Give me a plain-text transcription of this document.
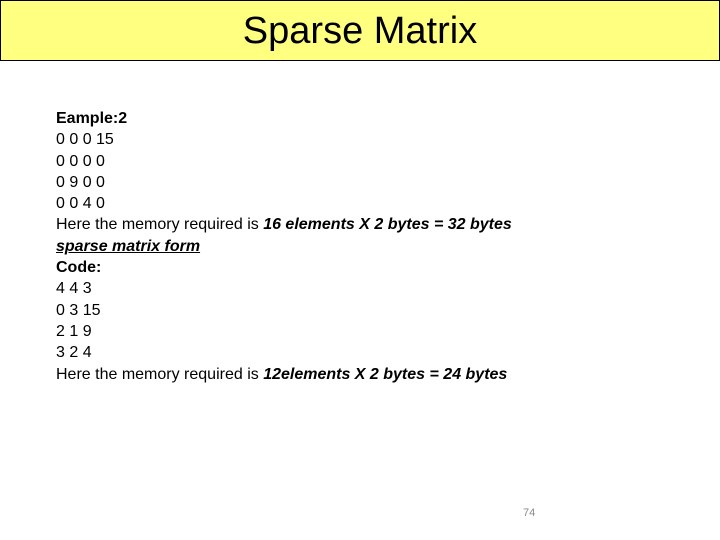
Sparse Matrix
Eample:2
0 0 0 15
0 0 0 0
0 9 0 0
0 0 4 0
Here the memory required is 16 elements X 2 bytes = 32 bytes
sparse matrix form
Code:
4 4 3
0 3 15
2 1 9
3 2 4
Here the memory required is 12elements X 2 bytes = 24 bytes
74
